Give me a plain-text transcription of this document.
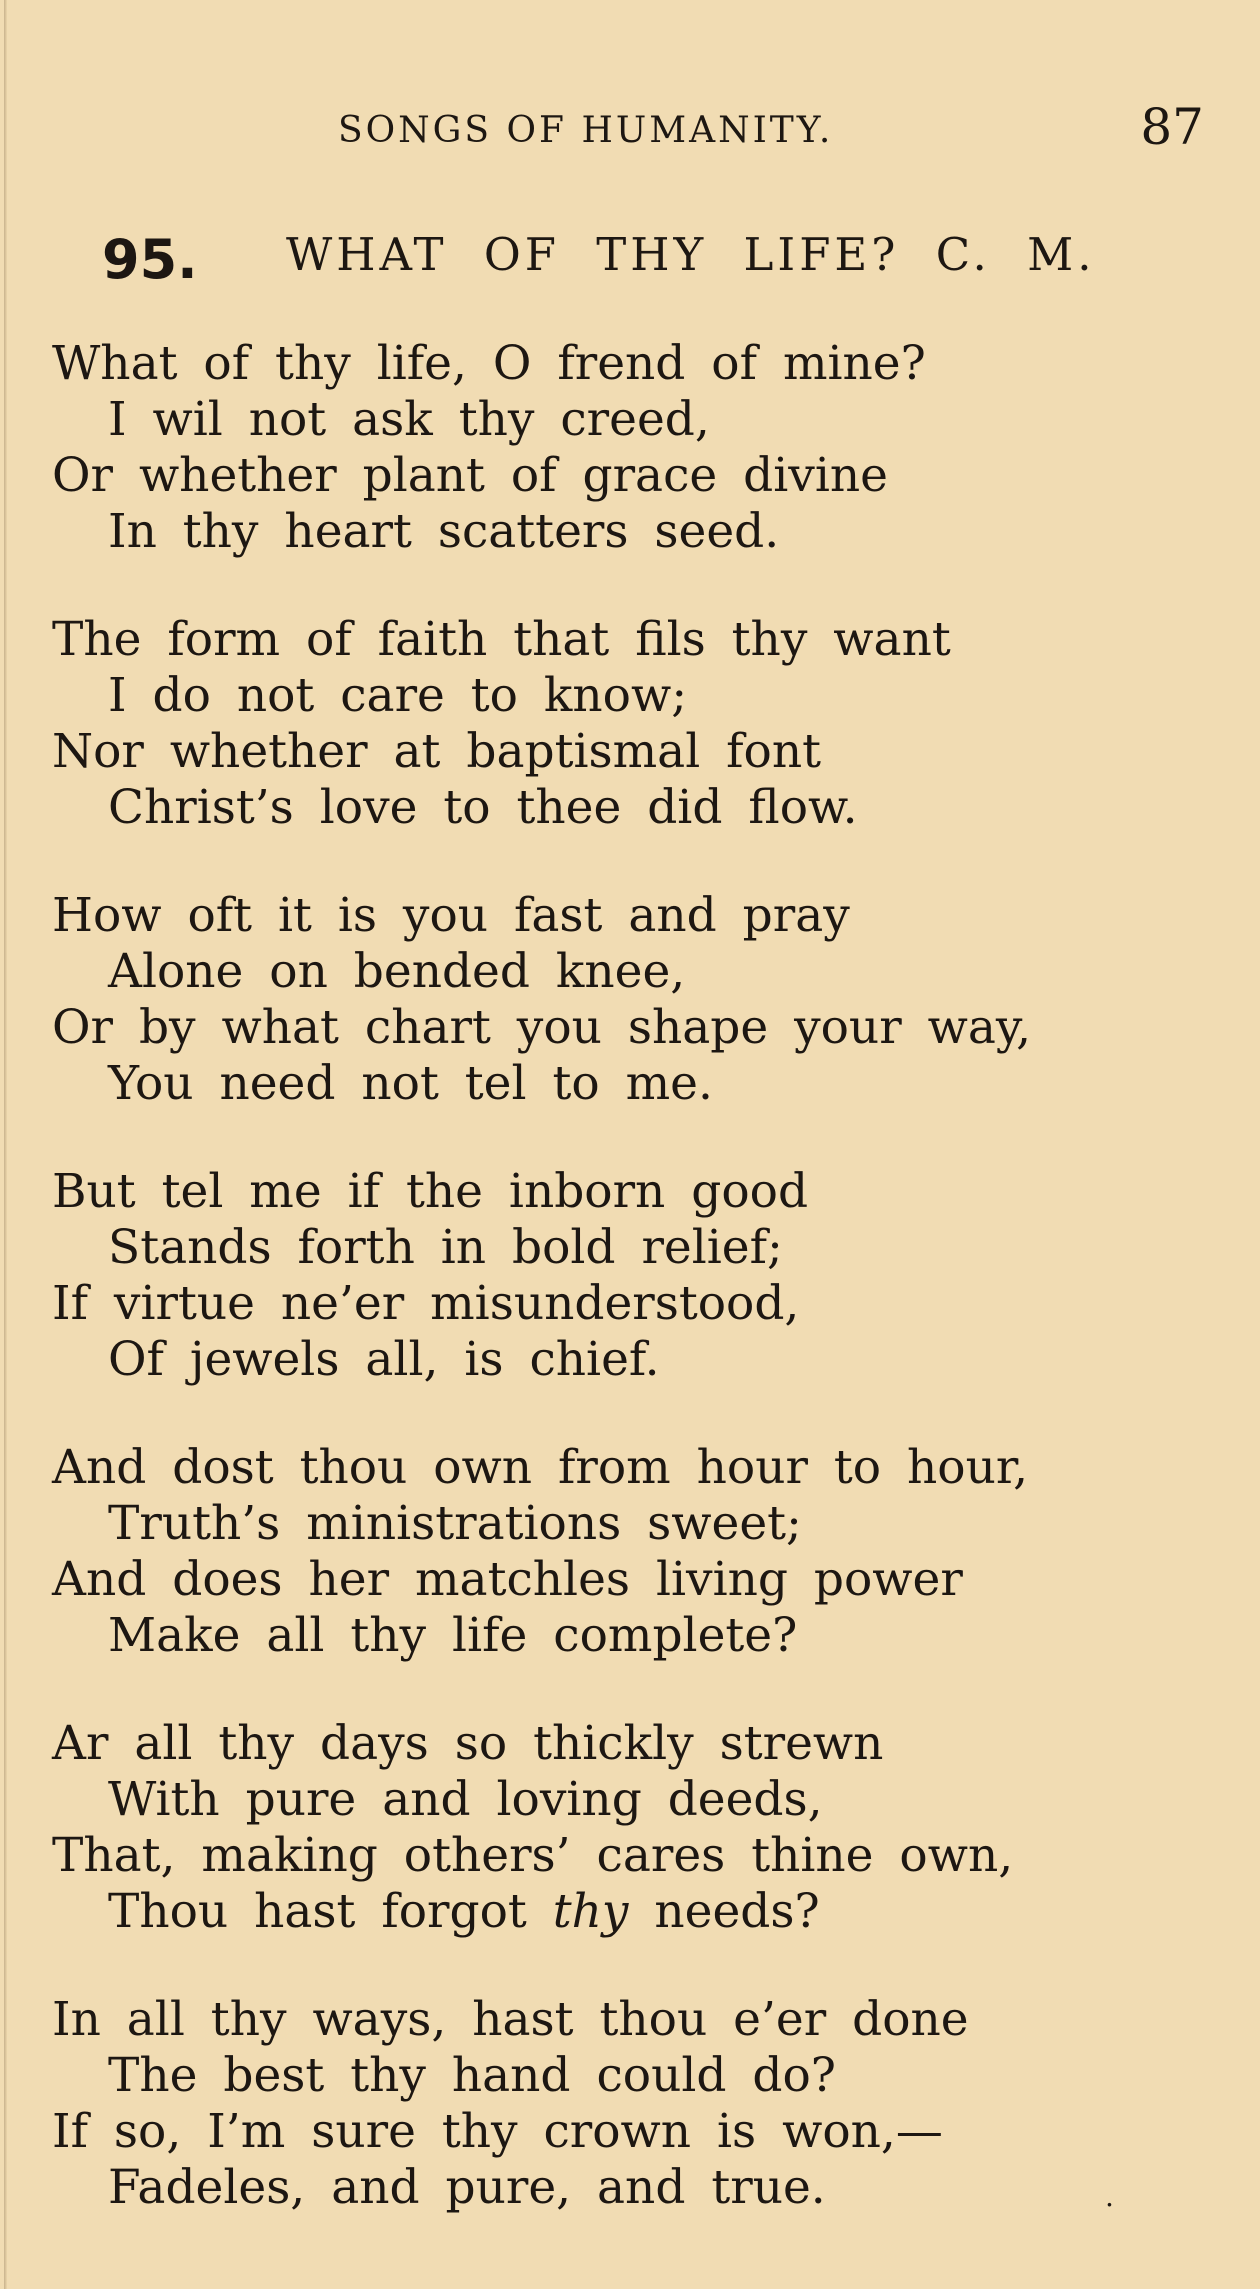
SONGS OF HUMANITY.	87
95. WHAT OF THY LIFE? C. M.
What of thy life, O frend of mine?
I wil not ask thy creed,
Or whether plant of grace divine
In thy heart scatters seed.
The form of faith that fils thy want
I do not care to know;
Nor whether at baptismal font
Christ’s love to thee did flow.
How oft it is you fast and pray
Alone on bended knee,
Or by what chart you shape your way,
You need not tel to me.
But tel me if the inborn good
Stands forth in bold relief;
If virtue ne’er misunderstood,
Of jewels all, is chief.
And dost thou own from hour to hour,
Truth’s ministrations sweet;
And does her matchles living power
Make all thy life complete?
Ar all thy days so thickly strewn
With pure and loving deeds,
That, making others’ cares thine own,
Thou hast forgot thy needs?
In all thy ways, hast thou e’er done
The best thy hand could do?
If so, I’m sure thy crown is won,—
Fadeles, and pure, and true.	.
